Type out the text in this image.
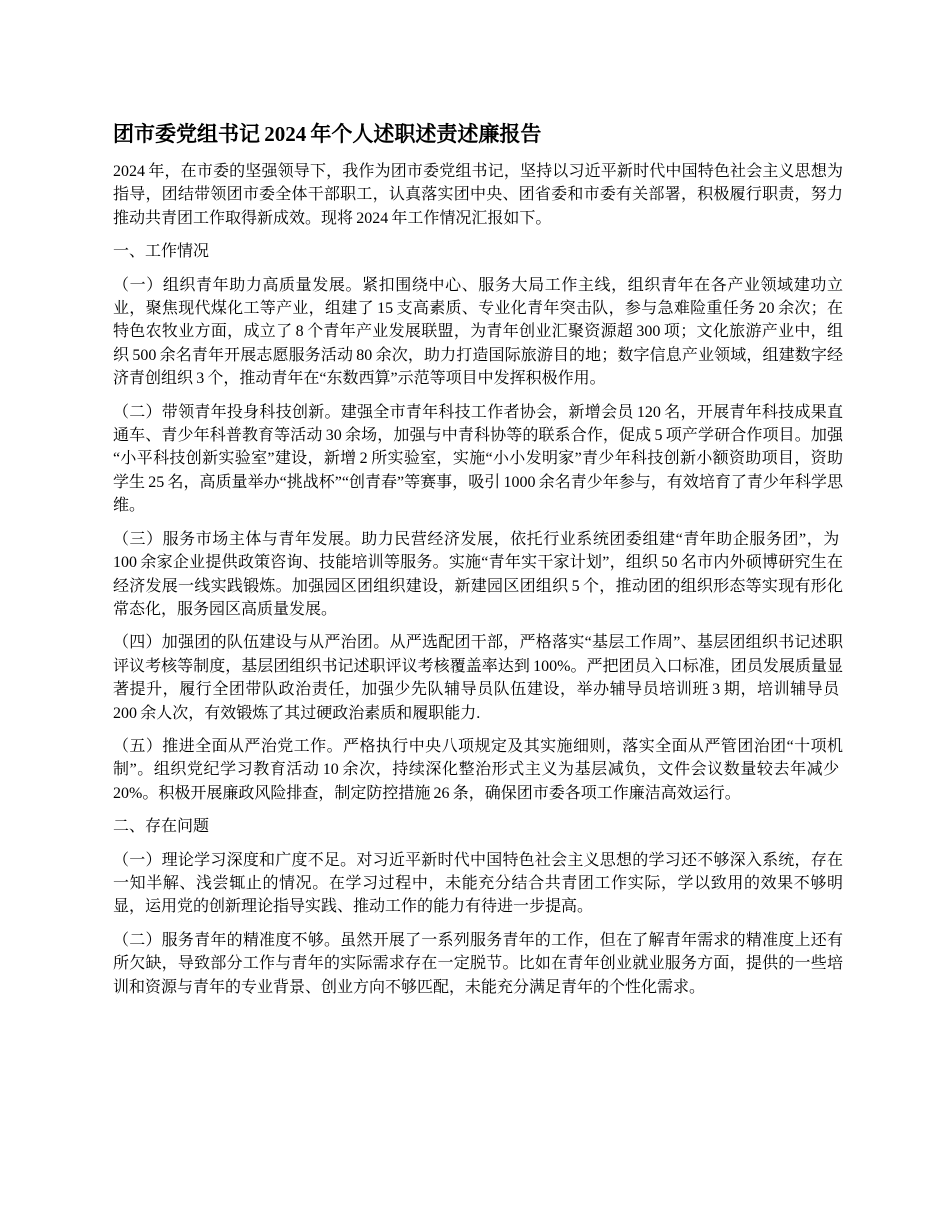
团市委党组书记 2024 年个人述职述责述廉报告

2024 年，在市委的坚强领导下，我作为团市委党组书记，坚持以习近平新时代中国特色社会主义思想为指导，团结带领团市委全体干部职工，认真落实团中央、团省委和市委有关部署，积极履行职责，努力推动共青团工作取得新成效。现将 2024 年工作情况汇报如下。

一、工作情况

（一）组织青年助力高质量发展。紧扣围绕中心、服务大局工作主线，组织青年在各产业领域建功立业，聚焦现代煤化工等产业，组建了 15 支高素质、专业化青年突击队，参与急难险重任务 20 余次；在特色农牧业方面，成立了 8 个青年产业发展联盟，为青年创业汇聚资源超 300 项；文化旅游产业中，组织 500 余名青年开展志愿服务活动 80 余次，助力打造国际旅游目的地；数字信息产业领域，组建数字经济青创组织 3 个，推动青年在“东数西算”示范等项目中发挥积极作用。

（二）带领青年投身科技创新。建强全市青年科技工作者协会，新增会员 120 名，开展青年科技成果直通车、青少年科普教育等活动 30 余场，加强与中青科协等的联系合作，促成 5 项产学研合作项目。加强“小平科技创新实验室”建设，新增 2 所实验室，实施“小小发明家”青少年科技创新小额资助项目，资助学生 25 名，高质量举办“挑战杯”“创青春”等赛事，吸引 1000 余名青少年参与，有效培育了青少年科学思维。

（三）服务市场主体与青年发展。助力民营经济发展，依托行业系统团委组建“青年助企服务团”，为 100 余家企业提供政策咨询、技能培训等服务。实施“青年实干家计划”，组织 50 名市内外硕博研究生在经济发展一线实践锻炼。加强园区团组织建设，新建园区团组织 5 个，推动团的组织形态等实现有形化常态化，服务园区高质量发展。

（四）加强团的队伍建设与从严治团。从严选配团干部，严格落实“基层工作周”、基层团组织书记述职评议考核等制度，基层团组织书记述职评议考核覆盖率达到 100%。严把团员入口标准，团员发展质量显著提升，履行全团带队政治责任，加强少先队辅导员队伍建设，举办辅导员培训班 3 期，培训辅导员 200 余人次，有效锻炼了其过硬政治素质和履职能力.

（五）推进全面从严治党工作。严格执行中央八项规定及其实施细则，落实全面从严管团治团“十项机制”。组织党纪学习教育活动 10 余次，持续深化整治形式主义为基层减负，文件会议数量较去年减少 20%。积极开展廉政风险排查，制定防控措施 26 条，确保团市委各项工作廉洁高效运行。

二、存在问题

（一）理论学习深度和广度不足。对习近平新时代中国特色社会主义思想的学习还不够深入系统，存在一知半解、浅尝辄止的情况。在学习过程中，未能充分结合共青团工作实际，学以致用的效果不够明显，运用党的创新理论指导实践、推动工作的能力有待进一步提高。

（二）服务青年的精准度不够。虽然开展了一系列服务青年的工作，但在了解青年需求的精准度上还有所欠缺，导致部分工作与青年的实际需求存在一定脱节。比如在青年创业就业服务方面，提供的一些培训和资源与青年的专业背景、创业方向不够匹配，未能充分满足青年的个性化需求。
